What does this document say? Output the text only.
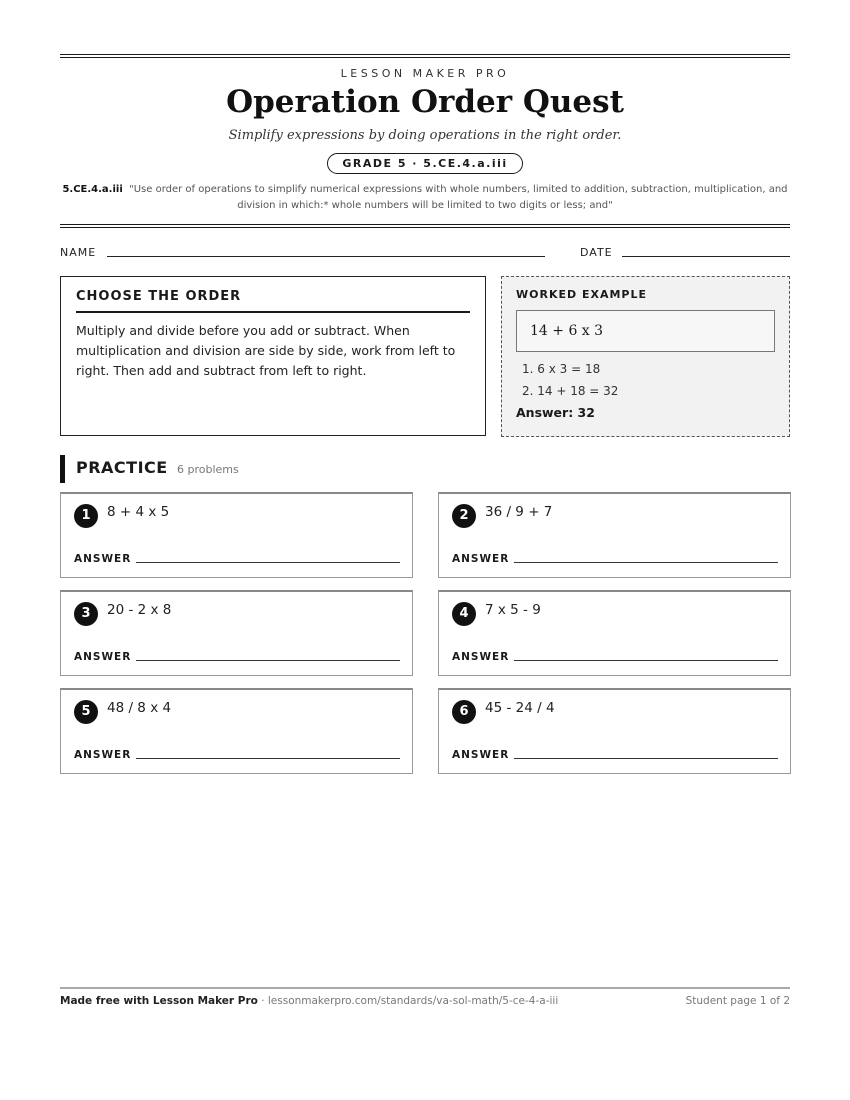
LESSON MAKER PRO
Operation Order Quest
Simplify expressions by doing operations in the right order.
GRADE 5 · 5.CE.4.a.iii
5.CE.4.a.iii "Use order of operations to simplify numerical expressions with whole numbers, limited to addition, subtraction, multiplication, and division in which:* whole numbers will be limited to two digits or less; and"
NAME	DATE
CHOOSE THE ORDER
Multiply and divide before you add or subtract. When multiplication and division are side by side, work from left to right. Then add and subtract from left to right.
WORKED EXAMPLE
14 + 6 x 3
1. 6 x 3 = 18
2. 14 + 18 = 32
Answer: 32
PRACTICE 6 problems
1	8 + 4 x 5
ANSWER
2	36 / 9 + 7
ANSWER
3	20 - 2 x 8
ANSWER
4	7 x 5 - 9
ANSWER
5	48 / 8 x 4
ANSWER
6	45 - 24 / 4
ANSWER
Made free with Lesson Maker Pro · lessonmakerpro.com/standards/va-sol-math/5-ce-4-a-iii	Student page 1 of 2
